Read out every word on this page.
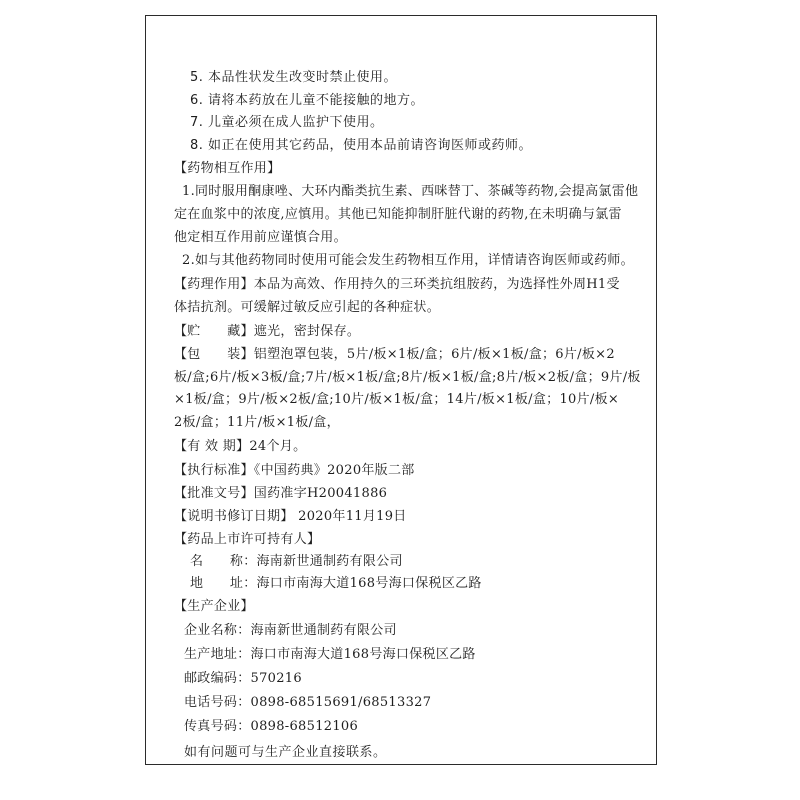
5. 本品性状发生改变时禁止使用。
6. 请将本药放在儿童不能接触的地方。
7. 儿童必须在成人监护下使用。
8. 如正在使用其它药品，使用本品前请咨询医师或药师。
【药物相互作用】
1.同时服用酮康唑、大环内酯类抗生素、西咪替丁、茶碱等药物,会提高氯雷他
定在血浆中的浓度,应慎用。其他已知能抑制肝脏代谢的药物,在未明确与氯雷
他定相互作用前应谨慎合用。
2.如与其他药物同时使用可能会发生药物相互作用，详情请咨询医师或药师。
【药理作用】本品为高效、作用持久的三环类抗组胺药，为选择性外周H1受
体拮抗剂。可缓解过敏反应引起的各种症状。
【贮　　藏】遮光，密封保存。
【包　　装】铝塑泡罩包装，5片/板×1板/盒；6片/板×1板/盒；6片/板×2
板/盒;6片/板×3板/盒;7片/板×1板/盒;8片/板×1板/盒;8片/板×2板/盒；9片/板
×1板/盒；9片/板×2板/盒;10片/板×1板/盒；14片/板×1板/盒；10片/板×
2板/盒；11片/板×1板/盒，
【有 效 期】24个月。
【执行标准】《中国药典》2020年版二部
【批准文号】国药准字H20041886
【说明书修订日期】 2020年11月19日
【药品上市许可持有人】
名　　称：海南新世通制药有限公司
地　　址：海口市南海大道168号海口保税区乙路
【生产企业】
企业名称：海南新世通制药有限公司
生产地址：海口市南海大道168号海口保税区乙路
邮政编码：570216
电话号码：0898-68515691/68513327
传真号码：0898-68512106
如有问题可与生产企业直接联系。
